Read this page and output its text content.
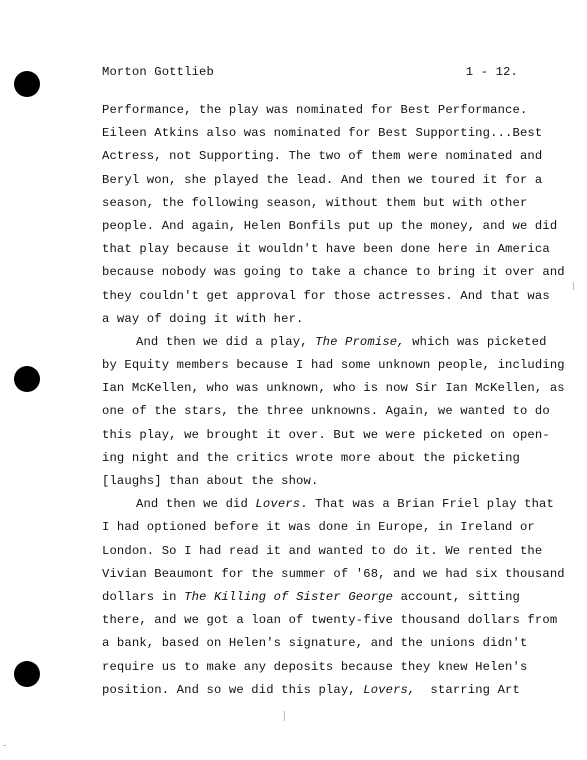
Morton Gottlieb	1 - 12.
Performance, the play was nominated for Best Performance.
Eileen Atkins also was nominated for Best Supporting...Best
Actress, not Supporting. The two of them were nominated and
Beryl won, she played the lead. And then we toured it for a
season, the following season, without them but with other
people. And again, Helen Bonfils put up the money, and we did
that play because it wouldn't have been done here in America
because nobody was going to take a chance to bring it over and
they couldn't get approval for those actresses. And that was
a way of doing it with her.
And then we did a play, The Promise, which was picketed
by Equity members because I had some unknown people, including
Ian McKellen, who was unknown, who is now Sir Ian McKellen, as
one of the stars, the three unknowns. Again, we wanted to do
this play, we brought it over. But we were picketed on open-
ing night and the critics wrote more about the picketing
[laughs] than about the show.
And then we did Lovers. That was a Brian Friel play that
I had optioned before it was done in Europe, in Ireland or
London. So I had read it and wanted to do it. We rented the
Vivian Beaumont for the summer of '68, and we had six thousand
dollars in The Killing of Sister George account, sitting
there, and we got a loan of twenty-five thousand dollars from
a bank, based on Helen's signature, and the unions didn't
require us to make any deposits because they knew Helen's
position. And so we did this play, Lovers, starring Art
